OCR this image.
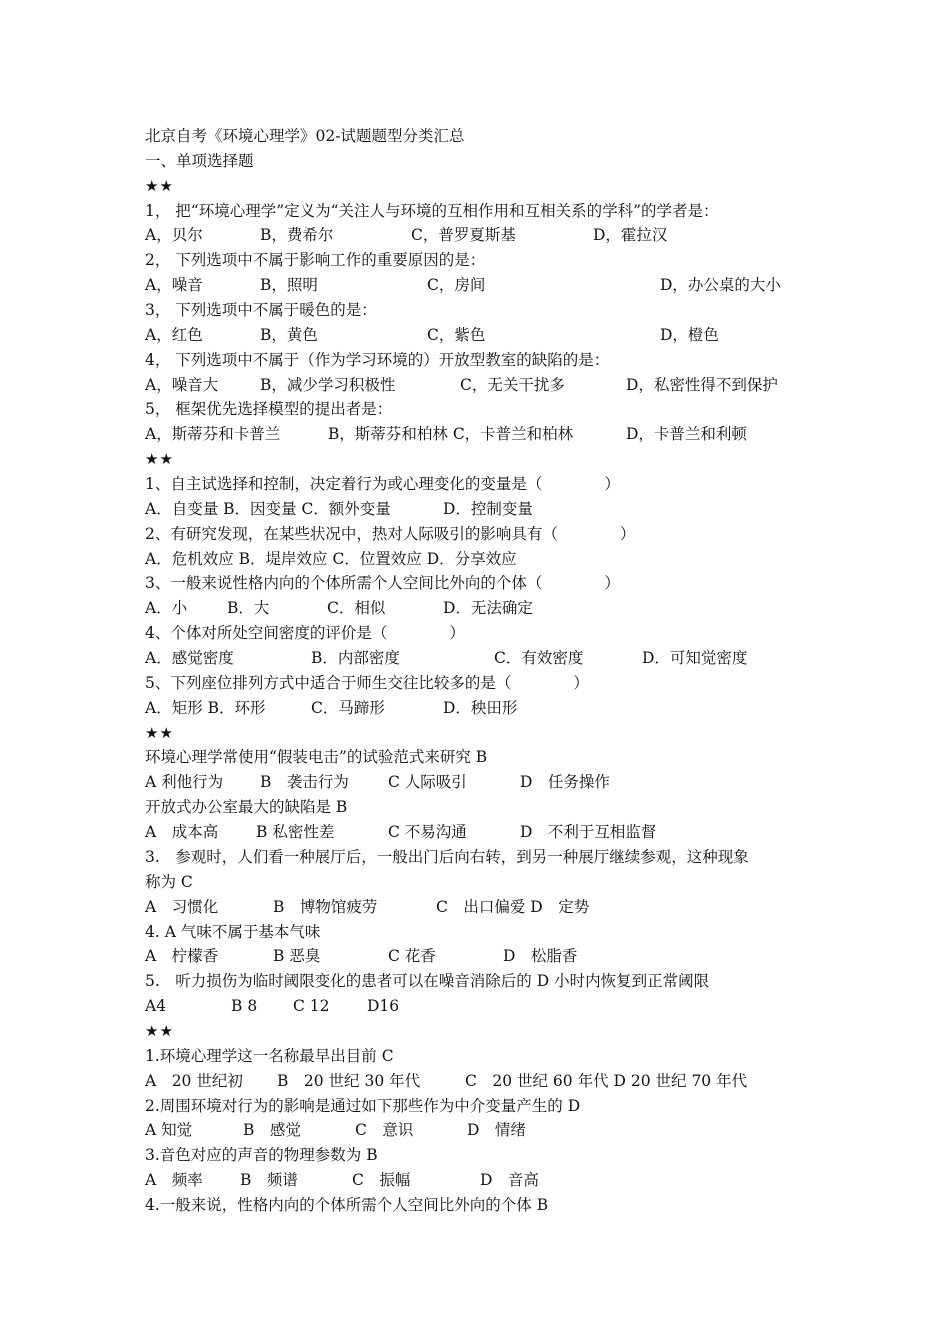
北京自考《环境心理学》02-试题题型分类汇总
一、单项选择题
★★
1， 把“环境心理学”定义为“关注人与环境的互相作用和互相关系的学科”的学者是：
A，贝尔	B，费希尔	C，普罗夏斯基	D，霍拉汉
2， 下列选项中不属于影响工作的重要原因的是：
A，噪音	B，照明	C，房间	D，办公桌的大小
3， 下列选项中不属于暖色的是：
A，红色	B，黄色	C，紫色	D，橙色
4， 下列选项中不属于（作为学习环境的）开放型教室的缺陷的是：
A，噪音大	B，减少学习积极性	C，无关干扰多	D，私密性得不到保护
5， 框架优先选择模型的提出者是：
A，斯蒂芬和卡普兰	B，斯蒂芬和柏林 C，卡普兰和柏林	D，卡普兰和利顿
★★
1、自主试选择和控制，决定着行为或心理变化的变量是（　　　　）
A．自变量 B．因变量 C．额外变量	D．控制变量
2、有研究发现，在某些状况中，热对人际吸引的影响具有（　　　　）
A．危机效应 B．堤岸效应 C．位置效应 D．分享效应
3、一般来说性格内向的个体所需个人空间比外向的个体（　　　　）
A．小	B．大	C．相似	D．无法确定
4、个体对所处空间密度的评价是（　　　　）
A．感觉密度	B．内部密度	C．有效密度	D．可知觉密度
5、下列座位排列方式中适合于师生交往比较多的是（　　　　）
A．矩形 B．环形	C．马蹄形	D．秧田形
★★
环境心理学常使用“假装电击”的试验范式来研究 B
A 利他行为 B　袭击行为	C 人际吸引	D　任务操作
开放式办公室最大的缺陷是 B
A　成本高 B 私密性差	C 不易沟通	D　不利于互相监督
3.　参观时，人们看一种展厅后，一般出门后向右转，到另一种展厅继续参观，这种现象
称为 C
A　习惯化	B　博物馆疲劳	C　出口偏爱 D　定势
4. A 气味不属于基本气味
A　柠檬香	B 恶臭	C 花香	D　松脂香
5.　听力损伤为临时阈限变化的患者可以在噪音消除后的 D 小时内恢复到正常阈限
A4	B 8 C 12 D16
★★
1.环境心理学这一名称最早出目前 C
A　20 世纪初 B　20 世纪 30 年代	C　20 世纪 60 年代 D 20 世纪 70 年代
2.周围环境对行为的影响是通过如下那些作为中介变量产生的 D
A 知觉	B　感觉	C　意识	D　情绪
3.音色对应的声音的物理参数为 B
A　频率 B　频谱	C　振幅	D　音高
4.一般来说，性格内向的个体所需个人空间比外向的个体 B
